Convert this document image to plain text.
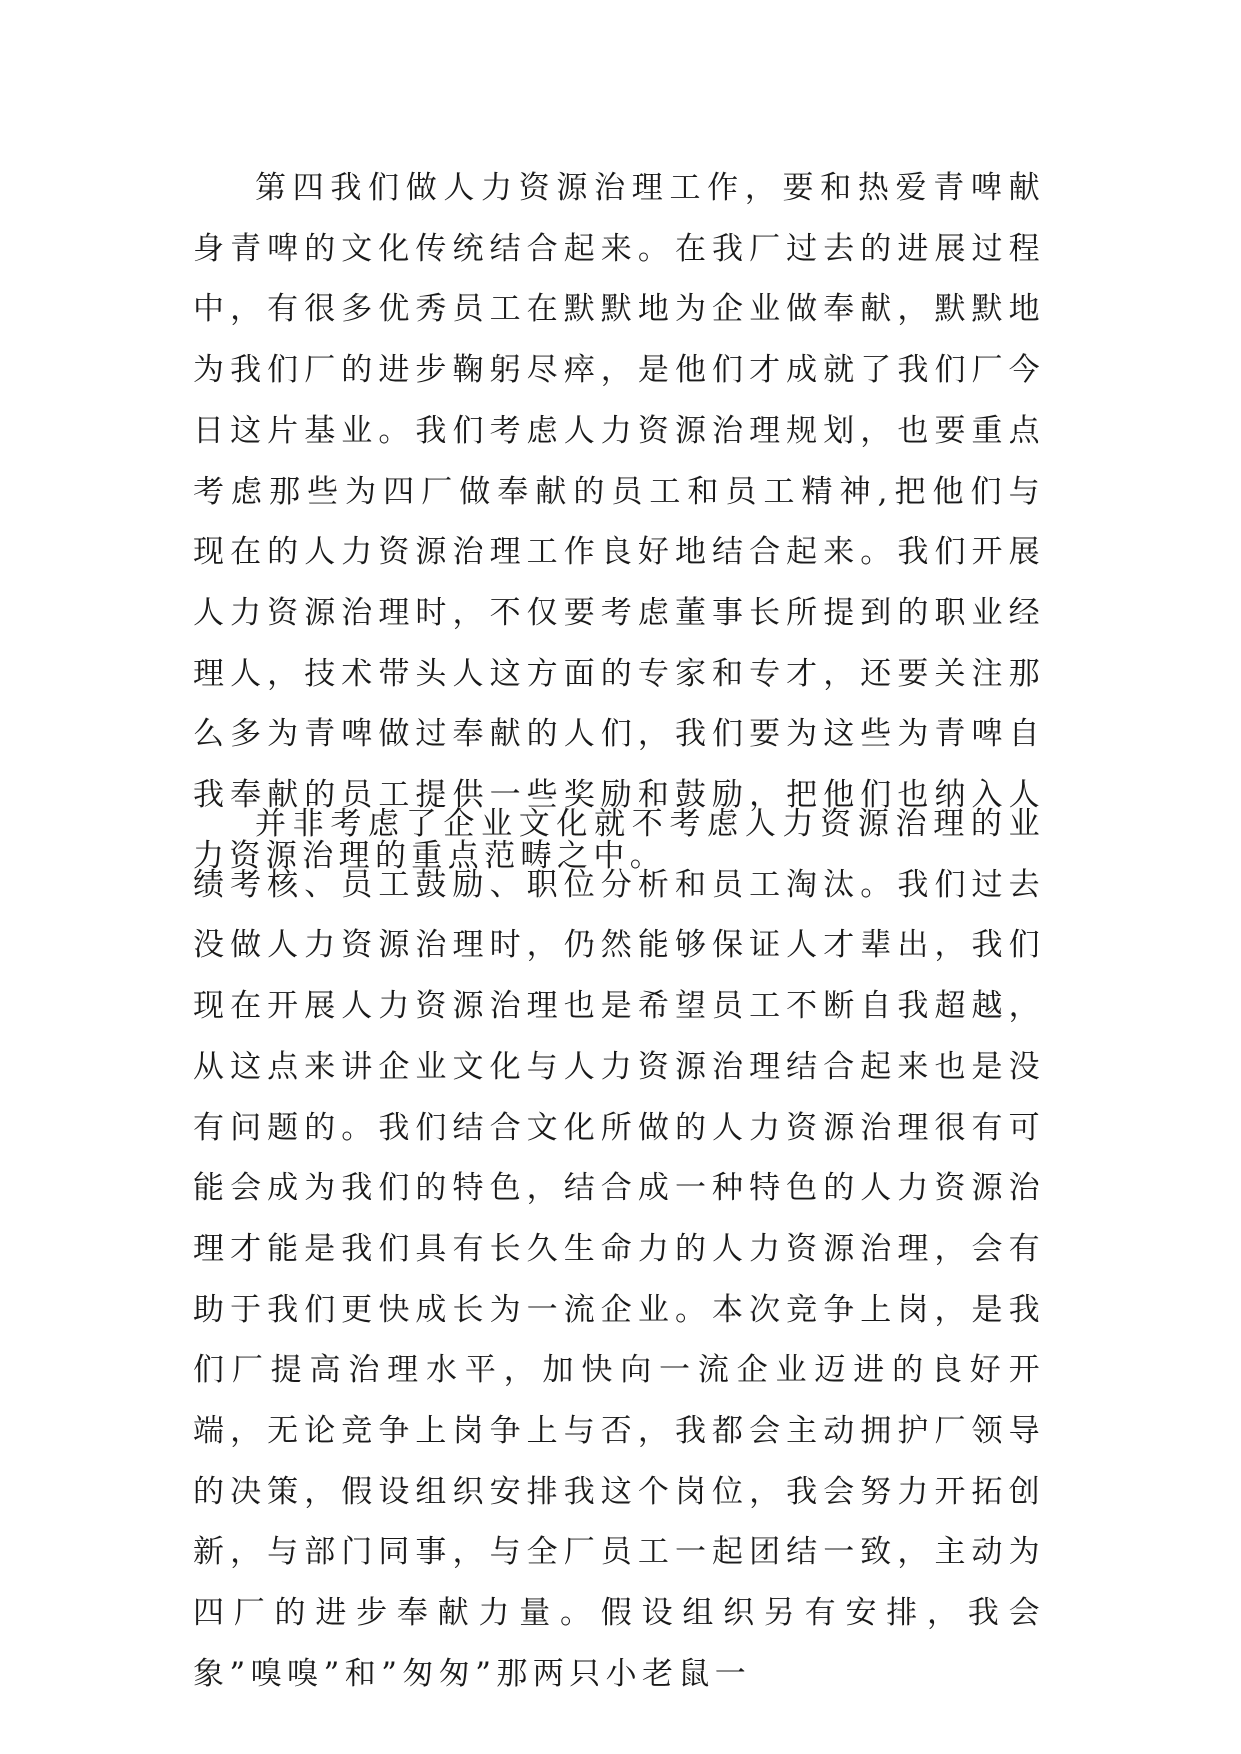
第四我们做人力资源治理工作，要和热爱青啤献身青啤的文化传统结合起来。在我厂过去的进展过程中，有很多优秀员工在默默地为企业做奉献，默默地为我们厂的进步鞠躬尽瘁，是他们才成就了我们厂今日这片基业。我们考虑人力资源治理规划，也要重点考虑那些为四厂做奉献的员工和员工精神,把他们与现在的人力资源治理工作良好地结合起来。我们开展人力资源治理时，不仅要考虑董事长所提到的职业经理人，技术带头人这方面的专家和专才，还要关注那么多为青啤做过奉献的人们，我们要为这些为青啤自我奉献的员工提供一些奖励和鼓励，把他们也纳入人力资源治理的重点范畴之中。

并非考虑了企业文化就不考虑人力资源治理的业绩考核、员工鼓励、职位分析和员工淘汰。我们过去没做人力资源治理时，仍然能够保证人才辈出，我们现在开展人力资源治理也是希望员工不断自我超越，从这点来讲企业文化与人力资源治理结合起来也是没有问题的。我们结合文化所做的人力资源治理很有可能会成为我们的特色，结合成一种特色的人力资源治理才能是我们具有长久生命力的人力资源治理，会有助于我们更快成长为一流企业。本次竞争上岗，是我们厂提高治理水平，加快向一流企业迈进的良好开端，无论竞争上岗争上与否，我都会主动拥护厂领导的决策，假设组织安排我这个岗位，我会努力开拓创新，与部门同事，与全厂员工一起团结一致，主动为四厂的进步奉献力量。假设组织另有安排，我会象”嗅嗅”和”匆匆”那两只小老鼠一
